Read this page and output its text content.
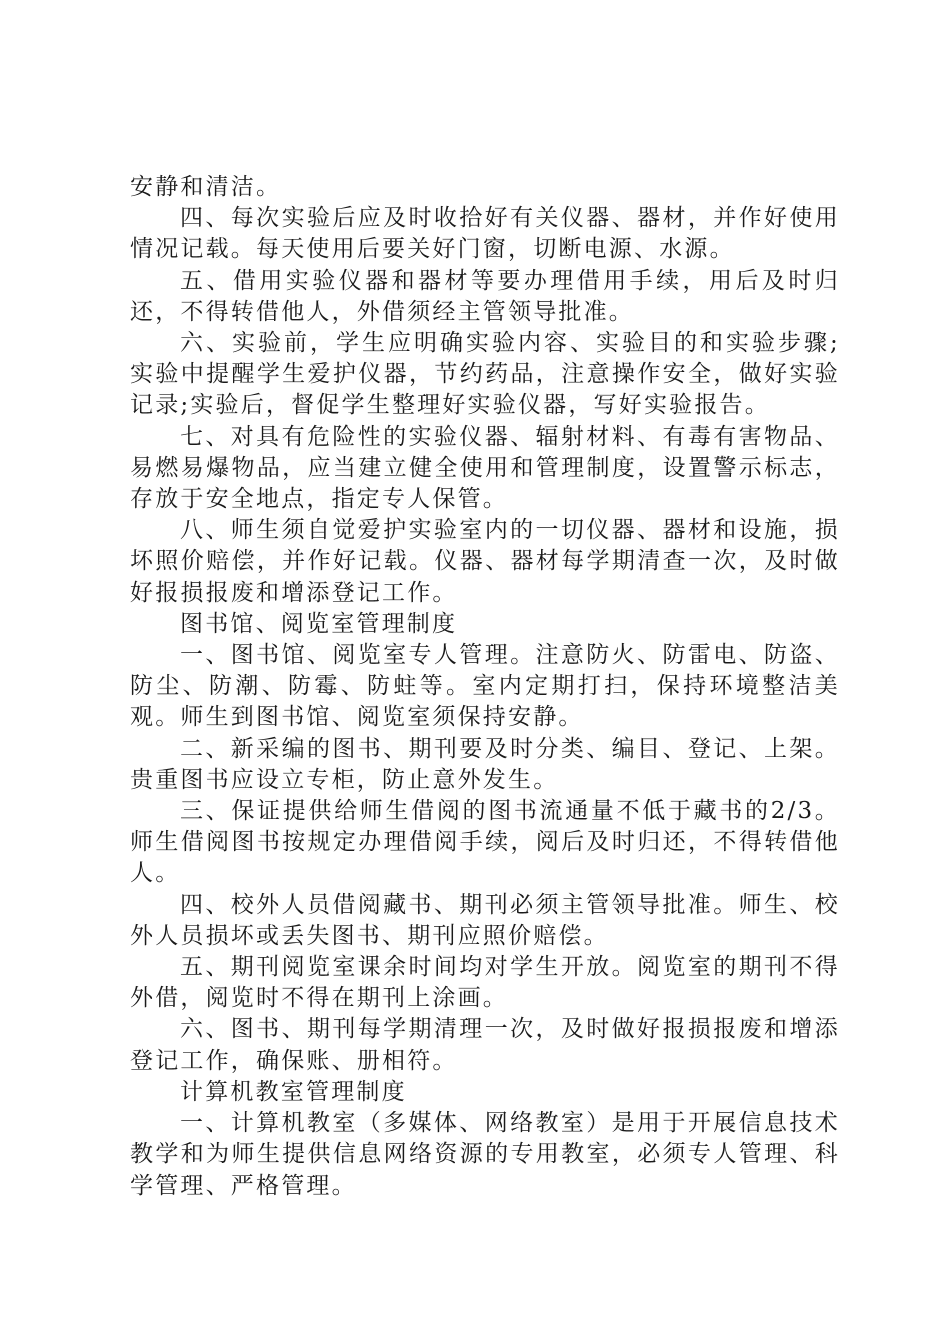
安静和清洁。

四、每次实验后应及时收拾好有关仪器、器材，并作好使用情况记载。每天使用后要关好门窗，切断电源、水源。

五、借用实验仪器和器材等要办理借用手续，用后及时归还，不得转借他人，外借须经主管领导批准。

六、实验前，学生应明确实验内容、实验目的和实验步骤;实验中提醒学生爱护仪器，节约药品，注意操作安全，做好实验记录;实验后，督促学生整理好实验仪器，写好实验报告。

七、对具有危险性的实验仪器、辐射材料、有毒有害物品、易燃易爆物品，应当建立健全使用和管理制度，设置警示标志，存放于安全地点，指定专人保管。

八、师生须自觉爱护实验室内的一切仪器、器材和设施，损坏照价赔偿，并作好记载。仪器、器材每学期清查一次，及时做好报损报废和增添登记工作。

图书馆、阅览室管理制度

一、图书馆、阅览室专人管理。注意防火、防雷电、防盗、防尘、防潮、防霉、防蛀等。室内定期打扫，保持环境整洁美观。师生到图书馆、阅览室须保持安静。

二、新采编的图书、期刊要及时分类、编目、登记、上架。贵重图书应设立专柜，防止意外发生。

三、保证提供给师生借阅的图书流通量不低于藏书的2/3。师生借阅图书按规定办理借阅手续，阅后及时归还，不得转借他人。

四、校外人员借阅藏书、期刊必须主管领导批准。师生、校外人员损坏或丢失图书、期刊应照价赔偿。

五、期刊阅览室课余时间均对学生开放。阅览室的期刊不得外借，阅览时不得在期刊上涂画。

六、图书、期刊每学期清理一次，及时做好报损报废和增添登记工作，确保账、册相符。

计算机教室管理制度

一、计算机教室（多媒体、网络教室）是用于开展信息技术教学和为师生提供信息网络资源的专用教室，必须专人管理、科学管理、严格管理。
